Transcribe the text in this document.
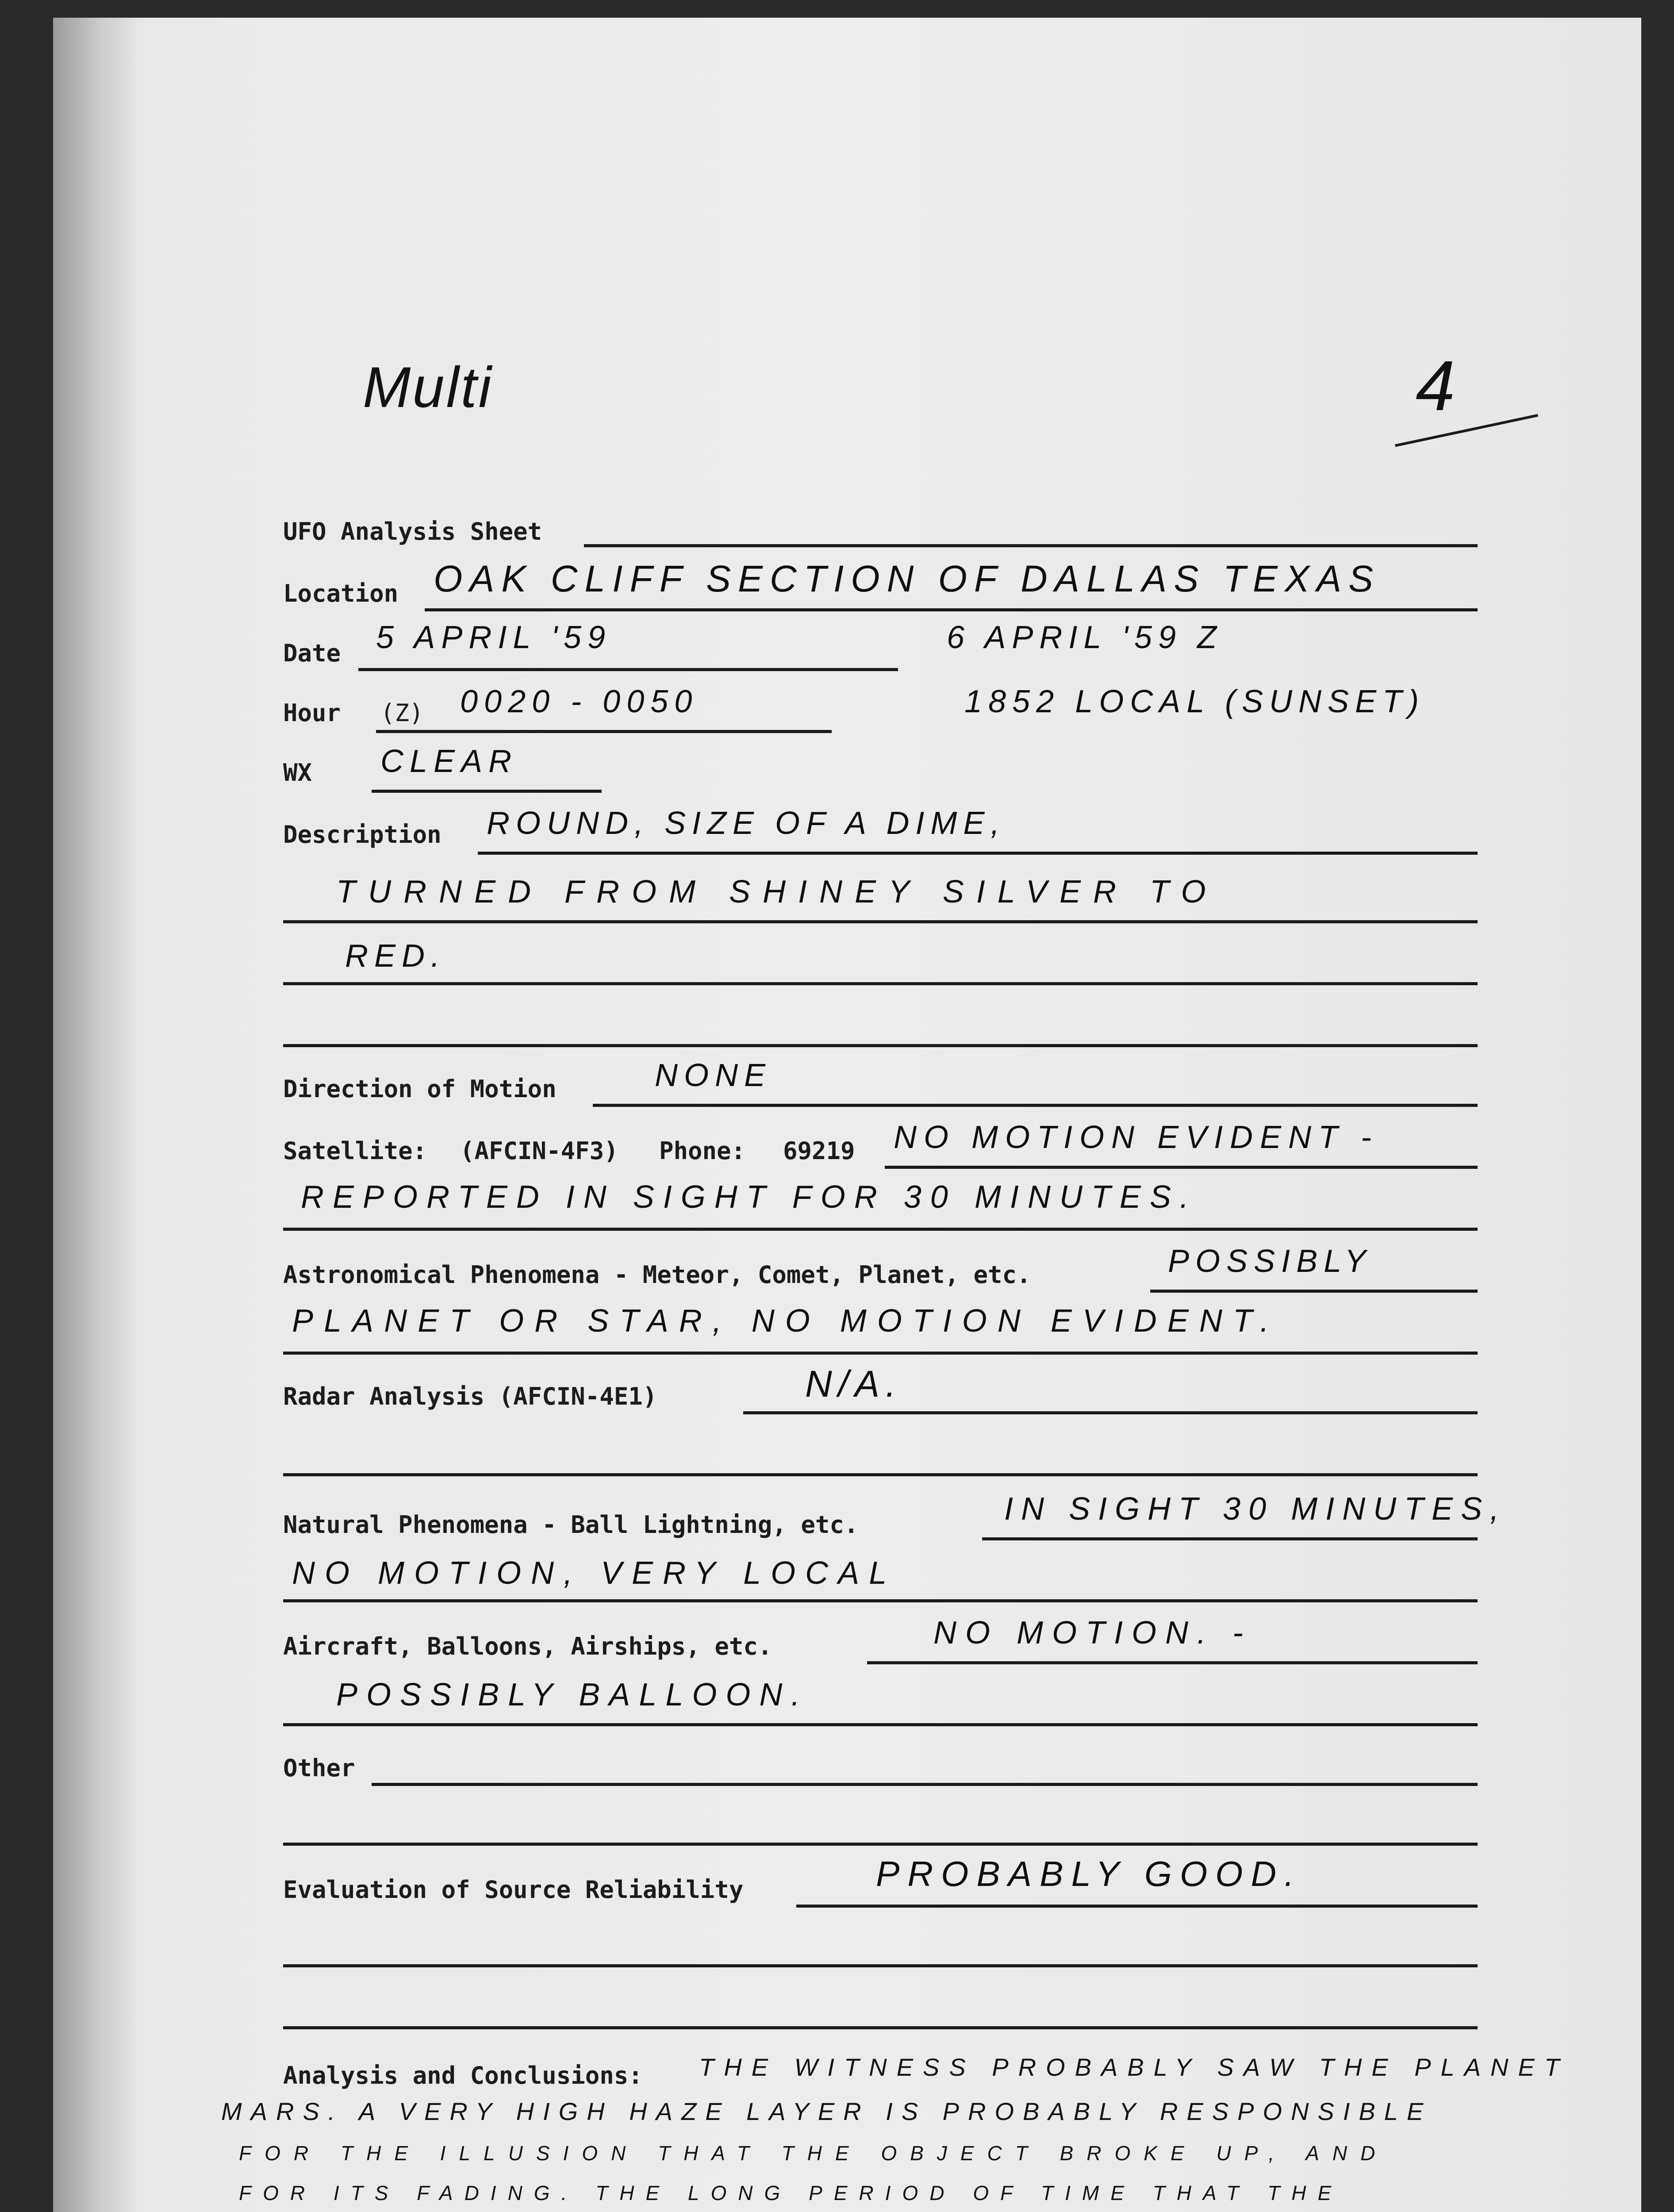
Multi	4
UFO Analysis Sheet
Location OAK CLIFF SECTION OF DALLAS TEXAS
Date 5 APRIL '59	6 APRIL '59 Z
Hour (Z) 0020 - 0050	1852 LOCAL (SUNSET)
WX CLEAR
Description ROUND, SIZE OF A DIME,
TURNED FROM SHINEY SILVER TO
RED.
Direction of Motion	NONE
Satellite: (AFCIN-4F3) Phone: 69219 NO MOTION EVIDENT -
REPORTED IN SIGHT FOR 30 MINUTES.
Astronomical Phenomena - Meteor, Comet, Planet, etc.	POSSIBLY
PLANET OR STAR, NO MOTION EVIDENT.
Radar Analysis (AFCIN-4E1)	N/A.
Natural Phenomena - Ball Lightning, etc.	IN SIGHT 30 MINUTES,
NO MOTION, VERY LOCAL
Aircraft, Balloons, Airships, etc.	NO MOTION. -
POSSIBLY BALLOON.
Other
Evaluation of Source Reliability	PROBABLY GOOD.
Analysis and Conclusions: THE WITNESS PROBABLY SAW THE PLANET
MARS. A VERY HIGH HAZE LAYER IS PROBABLY RESPONSIBLE
FOR THE ILLUSION THAT THE OBJECT BROKE UP, AND
FOR ITS FADING. THE LONG PERIOD OF TIME THAT THE
